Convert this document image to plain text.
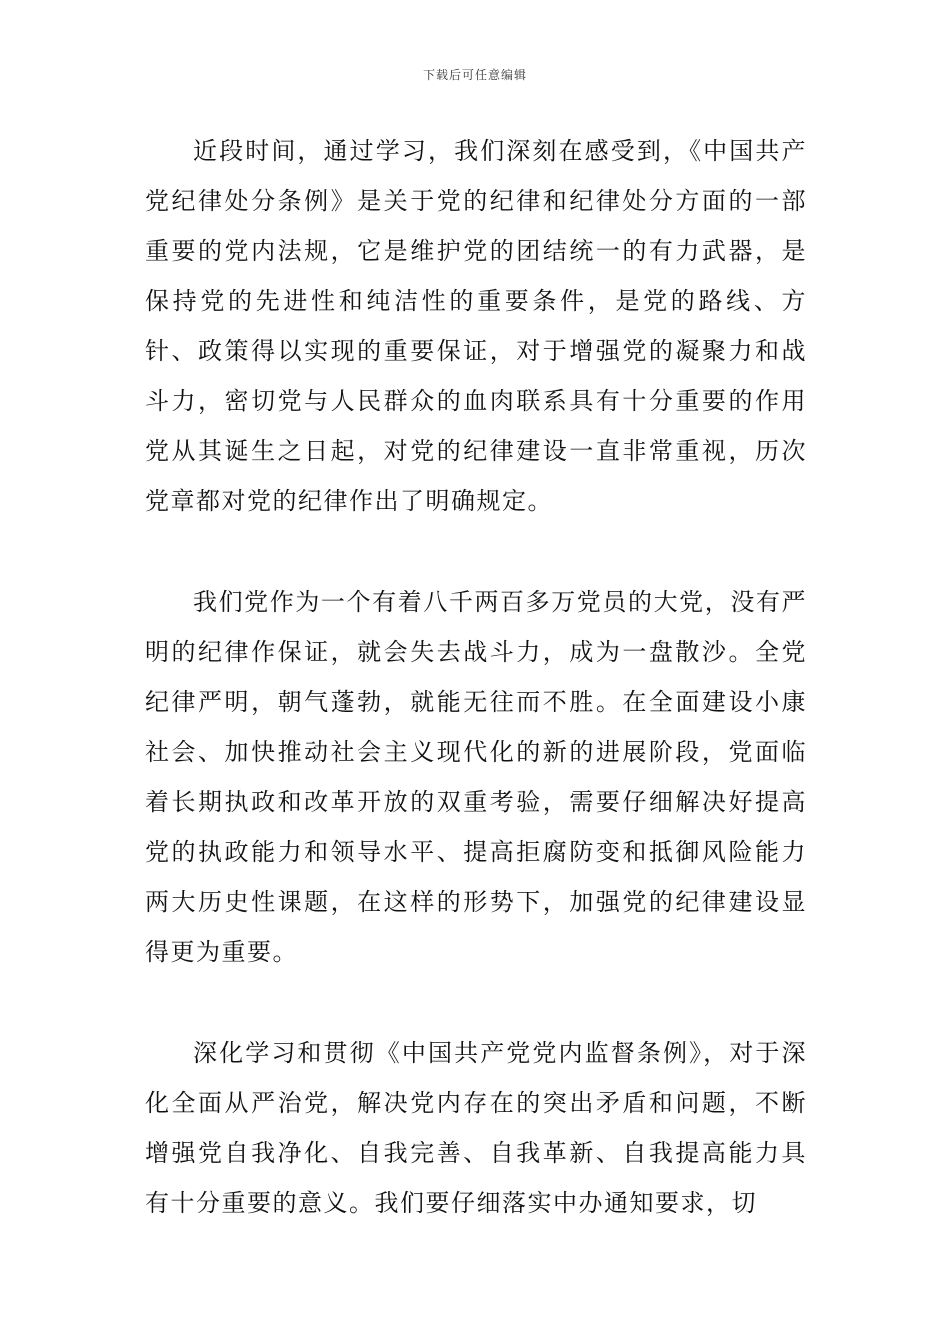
下载后可任意编辑

近段时间，通过学习，我们深刻在感受到，《中国共产党纪律处分条例》是关于党的纪律和纪律处分方面的一部重要的党内法规，它是维护党的团结统一的有力武器，是保持党的先进性和纯洁性的重要条件，是党的路线、方针、政策得以实现的重要保证，对于增强党的凝聚力和战斗力，密切党与人民群众的血肉联系具有十分重要的作用党从其诞生之日起，对党的纪律建设一直非常重视，历次党章都对党的纪律作出了明确规定。

我们党作为一个有着八千两百多万党员的大党，没有严明的纪律作保证，就会失去战斗力，成为一盘散沙。全党纪律严明，朝气蓬勃，就能无往而不胜。在全面建设小康社会、加快推动社会主义现代化的新的进展阶段，党面临着长期执政和改革开放的双重考验，需要仔细解决好提高党的执政能力和领导水平、提高拒腐防变和抵御风险能力两大历史性课题，在这样的形势下，加强党的纪律建设显得更为重要。

深化学习和贯彻《中国共产党党内监督条例》，对于深化全面从严治党，解决党内存在的突出矛盾和问题，不断增强党自我净化、自我完善、自我革新、自我提高能力具有十分重要的意义。我们要仔细落实中办通知要求，切
